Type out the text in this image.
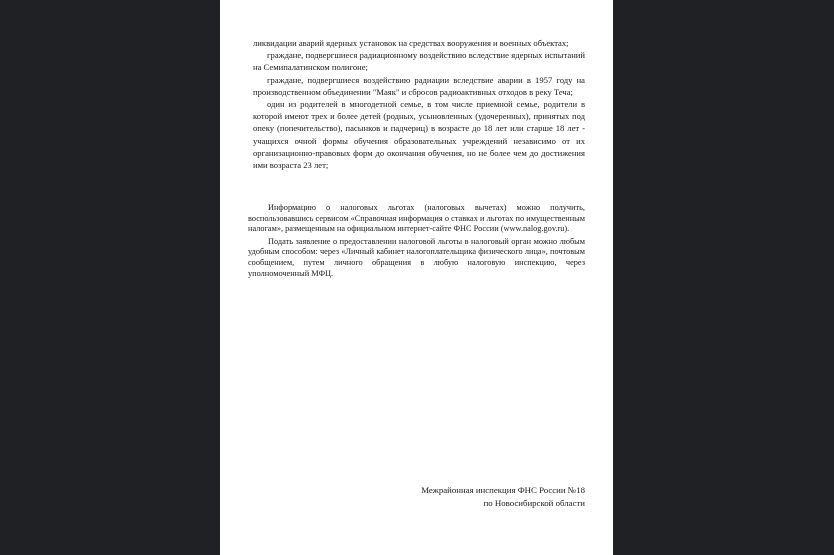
ликвидации аварий ядерных установок на средствах вооружения и военных объектах;

граждане, подвергшиеся радиационному воздействию вследствие ядерных испытаний на Семипалатинском полигоне;

граждане, подвергшиеся воздействию радиации вследствие аварии в 1957 году на производственном объединении "Маяк" и сбросов радиоактивных отходов в реку Теча;

один из родителей в многодетной семье, в том числе приемной семье, родители в которой имеют трех и более детей (родных, усыновленных (удочеренных), принятых под опеку (попечительство), пасынков и падчериц) в возрасте до 18 лет или старше 18 лет - учащихся очной формы обучения образовательных учреждений независимо от их организационно-правовых форм до окончания обучения, но не более чем до достижения ими возраста 23 лет;

Информацию о налоговых льготах (налоговых вычетах) можно получить, воспользовавшись сервисом «Справочная информация о ставках и льготах по имущественным налогам», размещенным на официальном интернет-сайте ФНС России (www.nalog.gov.ru).

Подать заявление о предоставлении налоговой льготы в налоговый орган можно любым удобным способом: через «Личный кабинет налогоплательщика физического лица», почтовым сообщением, путем личного обращения в любую налоговую инспекцию, через уполномоченный МФЦ.

Межрайонная инспекция ФНС России №18
по Новосибирской области
